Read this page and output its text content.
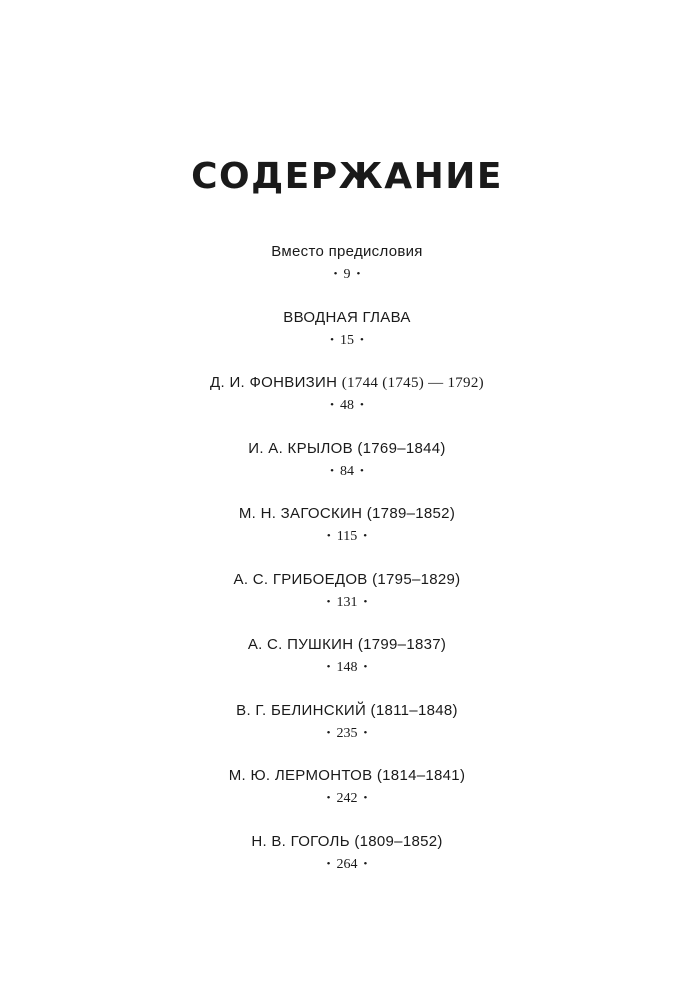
СОДЕРЖАНИЕ
Вместо предисловия
• 9 •
ВВОДНАЯ ГЛАВА
• 15 •
Д. И. ФОНВИЗИН (1744 (1745) — 1792)
• 48 •
И. А. КРЫЛОВ (1769–1844)
• 84 •
М. Н. ЗАГОСКИН (1789–1852)
• 115 •
А. С. ГРИБОЕДОВ (1795–1829)
• 131 •
А. С. ПУШКИН (1799–1837)
• 148 •
В. Г. БЕЛИНСКИЙ (1811–1848)
• 235 •
М. Ю. ЛЕРМОНТОВ (1814–1841)
• 242 •
Н. В. ГОГОЛЬ (1809–1852)
• 264 •
